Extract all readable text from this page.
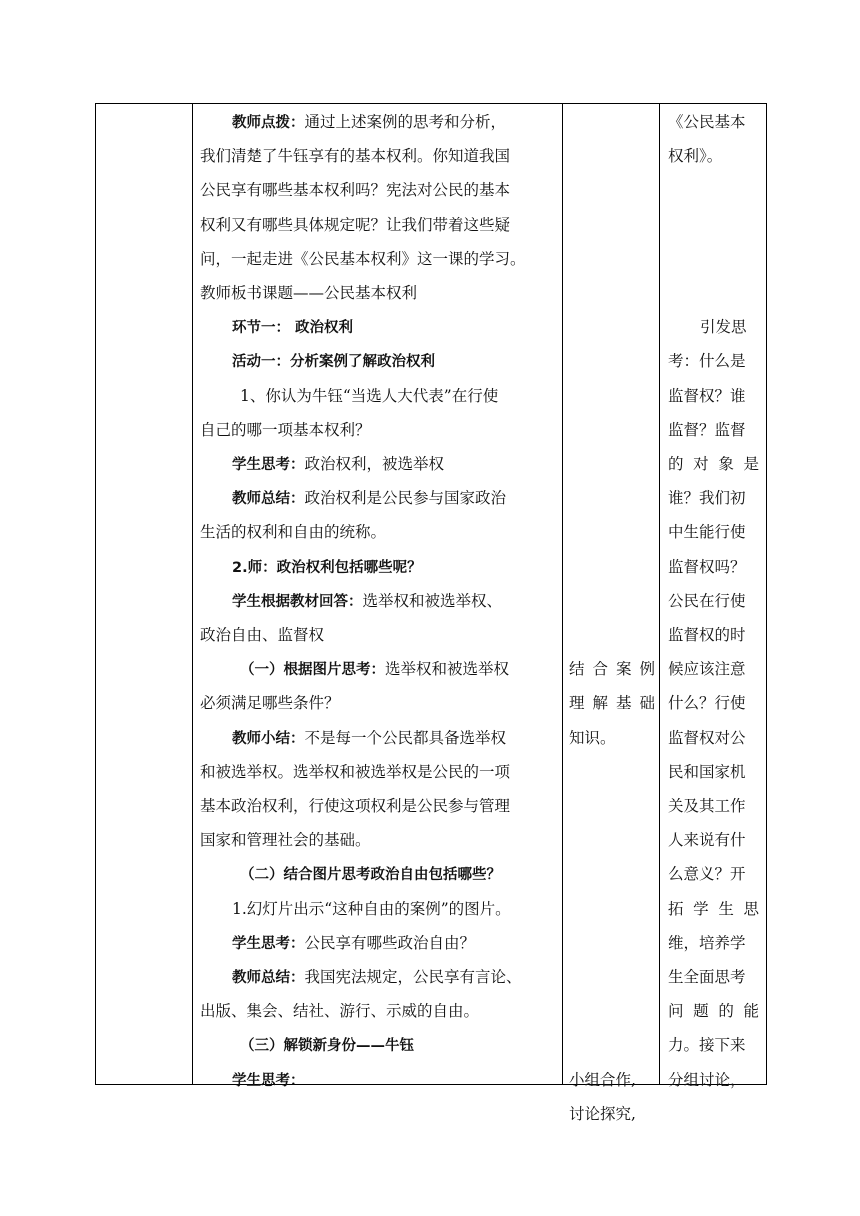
教师点拨：通过上述案例的思考和分析，
我们清楚了牛钰享有的基本权利。你知道我国
公民享有哪些基本权利吗？宪法对公民的基本
权利又有哪些具体规定呢？让我们带着这些疑
问，一起走进《公民基本权利》这一课的学习。
教师板书课题——公民基本权利
环节一： 政治权利
活动一：分析案例了解政治权利
1、你认为牛钰“当选人大代表”在行使
自己的哪一项基本权利？
学生思考：政治权利，被选举权
教师总结：政治权利是公民参与国家政治
生活的权利和自由的统称。
2.师：政治权利包括哪些呢？
学生根据教材回答：选举权和被选举权、
政治自由、监督权
（一）根据图片思考：选举权和被选举权
必须满足哪些条件？
教师小结：不是每一个公民都具备选举权
和被选举权。选举权和被选举权是公民的一项
基本政治权利，行使这项权利是公民参与管理
国家和管理社会的基础。
（二）结合图片思考政治自由包括哪些？
1.幻灯片出示“这种自由的案例”的图片。
学生思考：公民享有哪些政治自由？
教师总结：我国宪法规定，公民享有言论、
出版、集会、结社、游行、示威的自由。
（三）解锁新身份——牛钰
学生思考：
结 合 案 例
理 解 基 础
知识。
小组合作,
讨论探究,
《公民基本
权利》。
引发思
考：什么是
监督权？谁
监督？监督
的 对 象 是
谁？我们初
中生能行使
监督权吗？
公民在行使
监督权的时
候应该注意
什么？行使
监督权对公
民和国家机
关及其工作
人来说有什
么意义？开
拓 学 生 思
维，培养学
生全面思考
问 题 的 能
力。接下来
分组讨论，
